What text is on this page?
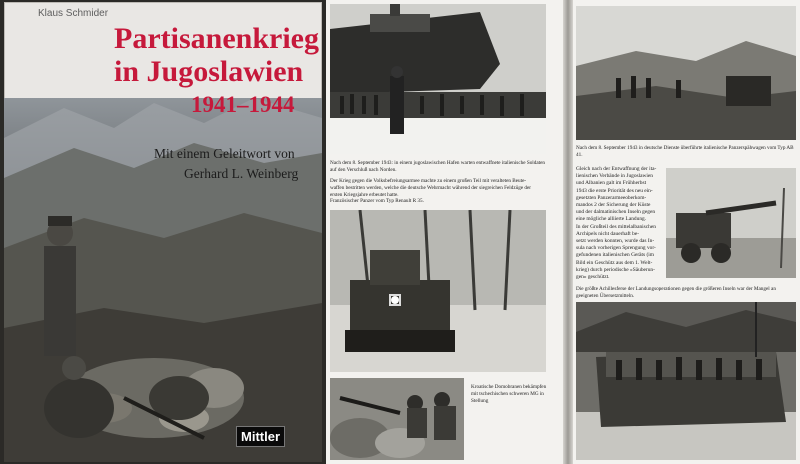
Klaus Schmider
Partisanenkrieg
in Jugoslawien
1941–1944
Mit einem Geleitwort von
Gerhard L. Weinberg
Mittler
Nach dem 8. September 1943: in einem jugoslawischen Hafen warten entwaffnete italienische Soldaten auf den Verschluß nach Norden.

Der Krieg gegen die Volksbefreiungsarmee machte zu einem großen Teil mit veralteten Beute-

waffen bestritten werden, welche die deutsche Wehrmacht während der siegreichen Feldzüge der

ersten Kriegsjahre erbeutet hatte.

Französischer Panzer vom Typ Renault R 35.

Kroatische Domobranen bekämpfen mit tschechischen schweren MG in Stellung
Nach dem 8. September 1943 in deutsche Dienste überführte italienische Panzerspähwagen vom Typ AB 41.

Gleich nach der Entwaffnung der ita-

lienischen Verbände in Jugoslawien

und Albanien galt im Frühherbst

1943 die erste Priorität des neu ein-

gesetzten Panzerarmeeoberkom-

mandos 2 der Sicherung der Küste

und der dalmatinischen Inseln gegen

eine mögliche alliierte Landung.

In der Großteil des mittelalbanischen

Archipels nicht dauerhaft be-

setzt werden konnten, wurde das In-

sula nach vorherigen Sprengung vor-

gefundenen italienischen Geräts (im

Bild ein Geschütz aus dem 1. Welt-

krieg) durch periodische »Säuberun-

gen« geschützt.

Die größte Achillesferse der Landungsoperationen gegen die größeren Inseln war der Mangel an geeigneten Übersetzmitteln.
